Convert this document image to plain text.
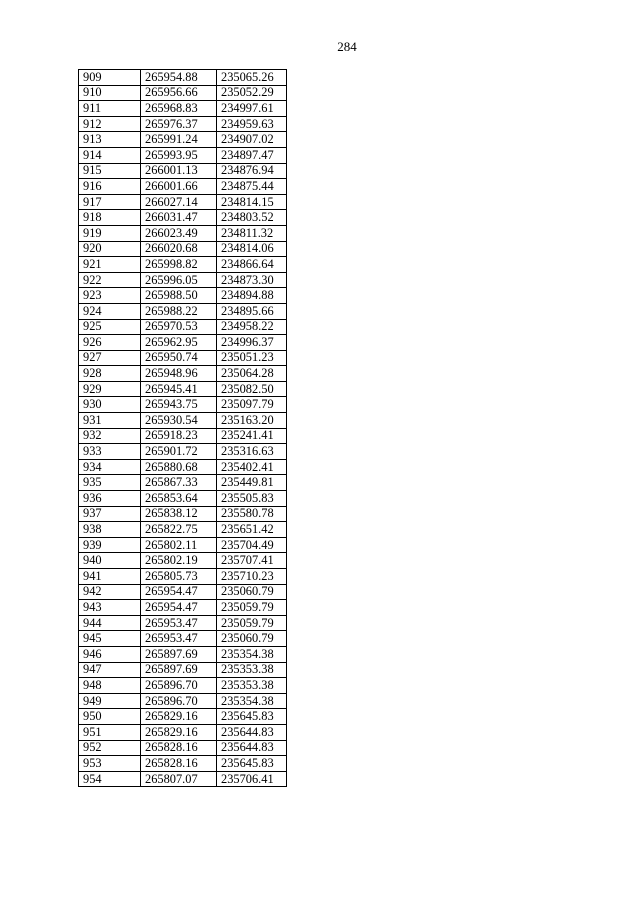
284
909	265954.88	235065.26
910	265956.66	235052.29
911	265968.83	234997.61
912	265976.37	234959.63
913	265991.24	234907.02
914	265993.95	234897.47
915	266001.13	234876.94
916	266001.66	234875.44
917	266027.14	234814.15
918	266031.47	234803.52
919	266023.49	234811.32
920	266020.68	234814.06
921	265998.82	234866.64
922	265996.05	234873.30
923	265988.50	234894.88
924	265988.22	234895.66
925	265970.53	234958.22
926	265962.95	234996.37
927	265950.74	235051.23
928	265948.96	235064.28
929	265945.41	235082.50
930	265943.75	235097.79
931	265930.54	235163.20
932	265918.23	235241.41
933	265901.72	235316.63
934	265880.68	235402.41
935	265867.33	235449.81
936	265853.64	235505.83
937	265838.12	235580.78
938	265822.75	235651.42
939	265802.11	235704.49
940	265802.19	235707.41
941	265805.73	235710.23
942	265954.47	235060.79
943	265954.47	235059.79
944	265953.47	235059.79
945	265953.47	235060.79
946	265897.69	235354.38
947	265897.69	235353.38
948	265896.70	235353.38
949	265896.70	235354.38
950	265829.16	235645.83
951	265829.16	235644.83
952	265828.16	235644.83
953	265828.16	235645.83
954	265807.07	235706.41
